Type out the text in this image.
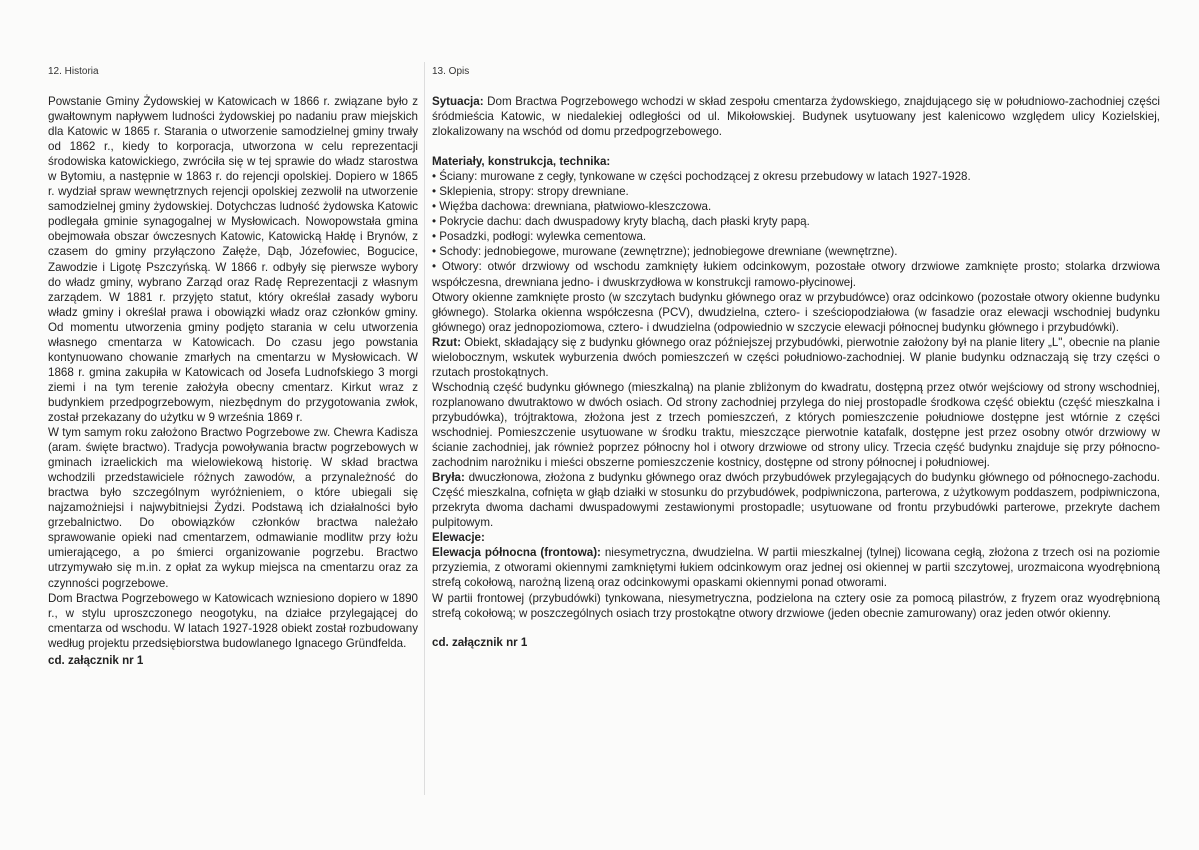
12. Historia	13. Opis

Powstanie Gminy Żydowskiej w Katowicach w 1866 r. związane było z gwałtownym napływem ludności żydowskiej po nadaniu praw miejskich dla Katowic w 1865 r. Starania o utworzenie samodzielnej gminy trwały od 1862 r., kiedy to korporacja, utworzona w celu reprezentacji środowiska katowickiego, zwróciła się w tej sprawie do władz starostwa w Bytomiu, a następnie w 1863 r. do rejencji opolskiej. Dopiero w 1865 r. wydział spraw wewnętrznych rejencji opolskiej zezwolił na utworzenie samodzielnej gminy żydowskiej. Dotychczas ludność żydowska Katowic podlegała gminie synagogalnej w Mysłowicach. Nowopowstała gmina obejmowała obszar ówczesnych Katowic, Katowicką Hałdę i Brynów, z czasem do gminy przyłączono Załęże, Dąb, Józefowiec, Bogucice, Zawodzie i Ligotę Pszczyńską. W 1866 r. odbyły się pierwsze wybory do władz gminy, wybrano Zarząd oraz Radę Reprezentacji z własnym zarządem. W 1881 r. przyjęto statut, który określał zasady wyboru władz gminy i określał prawa i obowiązki władz oraz członków gminy. Od momentu utworzenia gminy podjęto starania w celu utworzenia własnego cmentarza w Katowicach. Do czasu jego powstania kontynuowano chowanie zmarłych na cmentarzu w Mysłowicach. W 1868 r. gmina zakupiła w Katowicach od Josefa Ludnofskiego 3 morgi ziemi i na tym terenie założyła obecny cmentarz. Kirkut wraz z budynkiem przedpogrzebowym, niezbędnym do przygotowania zwłok, został przekazany do użytku w 9 września 1869 r.

W tym samym roku założono Bractwo Pogrzebowe zw. Chewra Kadisza (aram. święte bractwo). Tradycja powoływania bractw pogrzebowych w gminach izraelickich ma wielowiekową historię. W skład bractwa wchodzili przedstawiciele różnych zawodów, a przynależność do bractwa było szczególnym wyróżnieniem, o które ubiegali się najzamożniejsi i najwybitniejsi Żydzi. Podstawą ich działalności było grzebalnictwo. Do obowiązków członków bractwa należało sprawowanie opieki nad cmentarzem, odmawianie modlitw przy łożu umierającego, a po śmierci organizowanie pogrzebu. Bractwo utrzymywało się m.in. z opłat za wykup miejsca na cmentarzu oraz za czynności pogrzebowe.

Dom Bractwa Pogrzebowego w Katowicach wzniesiono dopiero w 1890 r., w stylu uproszczonego neogotyku, na działce przylegającej do cmentarza od wschodu. W latach 1927-1928 obiekt został rozbudowany według projektu przedsiębiorstwa budowlanego Ignacego Gründfelda.

cd. załącznik nr 1

Sytuacja: Dom Bractwa Pogrzebowego wchodzi w skład zespołu cmentarza żydowskiego, znajdującego się w południowo-zachodniej części śródmieścia Katowic, w niedalekiej odległości od ul. Mikołowskiej. Budynek usytuowany jest kalenicowo względem ulicy Kozielskiej, zlokalizowany na wschód od domu przedpogrzebowego.

Materiały, konstrukcja, technika:

• Ściany: murowane z cegły, tynkowane w części pochodzącej z okresu przebudowy w latach 1927-1928.

• Sklepienia, stropy: stropy drewniane.

• Więźba dachowa: drewniana, płatwiowo-kleszczowa.

• Pokrycie dachu: dach dwuspadowy kryty blachą, dach płaski kryty papą.

• Posadzki, podłogi: wylewka cementowa.

• Schody: jednobiegowe, murowane (zewnętrzne); jednobiegowe drewniane (wewnętrzne).

• Otwory: otwór drzwiowy od wschodu zamknięty łukiem odcinkowym, pozostałe otwory drzwiowe zamknięte prosto; stolarka drzwiowa współczesna, drewniana jedno- i dwuskrzydłowa w konstrukcji ramowo-płycinowej.

Otwory okienne zamknięte prosto (w szczytach budynku głównego oraz w przybudówce) oraz odcinkowo (pozostałe otwory okienne budynku głównego). Stolarka okienna współczesna (PCV), dwudzielna, cztero- i sześciopodziałowa (w fasadzie oraz elewacji wschodniej budynku głównego) oraz jednopoziomowa, cztero- i dwudzielna (odpowiednio w szczycie elewacji północnej budynku głównego i przybudówki).

Rzut: Obiekt, składający się z budynku głównego oraz późniejszej przybudówki, pierwotnie założony był na planie litery „L", obecnie na planie wielobocznym, wskutek wyburzenia dwóch pomieszczeń w części południowo-zachodniej. W planie budynku odznaczają się trzy części o rzutach prostokątnych.

Wschodnią część budynku głównego (mieszkalną) na planie zbliżonym do kwadratu, dostępną przez otwór wejściowy od strony wschodniej, rozplanowano dwutraktowo w dwóch osiach. Od strony zachodniej przylega do niej prostopadle środkowa część obiektu (część mieszkalna i przybudówka), trójtraktowa, złożona jest z trzech pomieszczeń, z których pomieszczenie południowe dostępne jest wtórnie z części wschodniej. Pomieszczenie usytuowane w środku traktu, mieszczące pierwotnie katafalk, dostępne jest przez osobny otwór drzwiowy w ścianie zachodniej, jak również poprzez północny hol i otwory drzwiowe od strony ulicy. Trzecia część budynku znajduje się przy północno-zachodnim narożniku i mieści obszerne pomieszczenie kostnicy, dostępne od strony północnej i południowej.

Bryła: dwuczłonowa, złożona z budynku głównego oraz dwóch przybudówek przylegających do budynku głównego od północnego-zachodu. Część mieszkalna, cofnięta w głąb działki w stosunku do przybudówek, podpiwniczona, parterowa, z użytkowym poddaszem, podpiwniczona, przekryta dwoma dachami dwuspadowymi zestawionymi prostopadle; usytuowane od frontu przybudówki parterowe, przekryte dachem pulpitowym.

Elewacje:

Elewacja północna (frontowa): niesymetryczna, dwudzielna. W partii mieszkalnej (tylnej) licowana cegłą, złożona z trzech osi na poziomie przyziemia, z otworami okiennymi zamkniętymi łukiem odcinkowym oraz jednej osi okiennej w partii szczytowej, urozmaicona wyodrębnioną strefą cokołową, narożną lizeną oraz odcinkowymi opaskami okiennymi ponad otworami.

W partii frontowej (przybudówki) tynkowana, niesymetryczna, podzielona na cztery osie za pomocą pilastrów, z fryzem oraz wyodrębnioną strefą cokołową; w poszczególnych osiach trzy prostokątne otwory drzwiowe (jeden obecnie zamurowany) oraz jeden otwór okienny.

cd. załącznik nr 1
